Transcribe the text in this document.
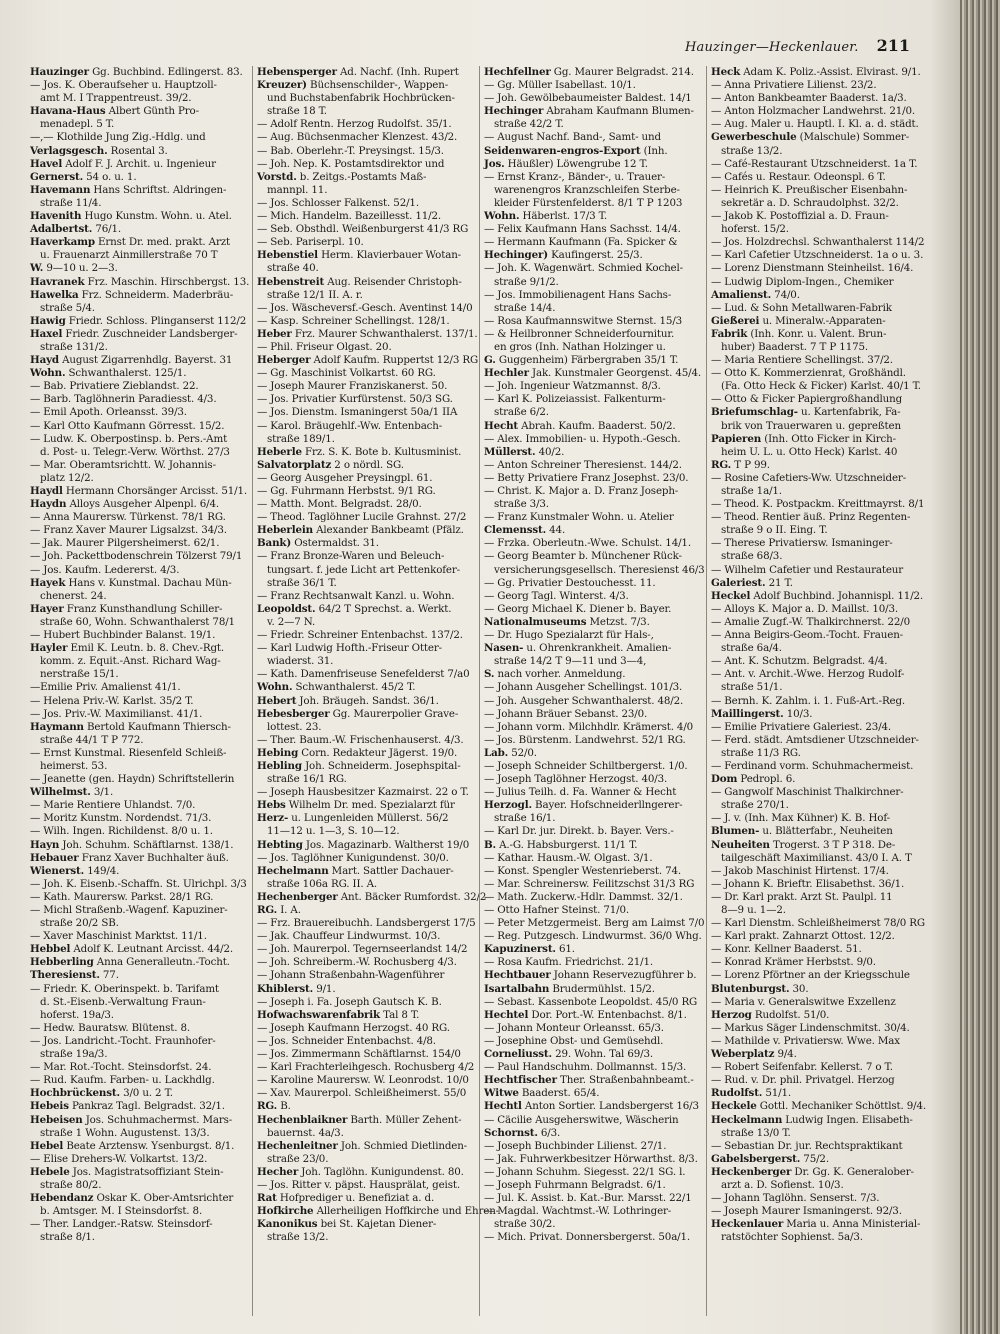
Hauzinger—Heckenlauer. 211
Hauzinger Gg. Buchbind. Edlingerst. 83.
— Jos. K. Oberaufseher u. Hauptzoll-
amt M. I Trappentreust. 39/2.
Havana-Haus Albert Günth Pro-
menadepl. 5 T.
—,— Klothilde Jung Zig.-Hdlg. und
Verlagsgesch. Rosental 3.
Havel Adolf F. J. Archit. u. Ingenieur
Gernerst. 54 o. u. 1.
Havemann Hans Schriftst. Aldringen-
straße 11/4.
Havenith Hugo Kunstm. Wohn. u. Atel.
Adalbertst. 76/1.
Haverkamp Ernst Dr. med. prakt. Arzt
u. Frauenarzt Ainmillerstraße 70 T
W. 9—10 u. 2—3.
Havranek Frz. Maschin. Hirschbergst. 13.
Hawelka Frz. Schneiderm. Maderbräu-
straße 5/4.
Hawig Friedr. Schloss. Plinganserst 112/2
Haxel Friedr. Zuschneider Landsberger-
straße 131/2.
Hayd August Zigarrenhdlg. Bayerst. 31
Wohn. Schwanthalerst. 125/1.
— Bab. Privatiere Zieblandst. 22.
— Barb. Taglöhnerin Paradiesst. 4/3.
— Emil Apoth. Orleansst. 39/3.
— Karl Otto Kaufmann Görresst. 15/2.
— Ludw. K. Oberpostinsp. b. Pers.-Amt
d. Post- u. Telegr.-Verw. Wörthst. 27/3
— Mar. Oberamtsrichtt. W. Johannis-
platz 12/2.
Haydl Hermann Chorsänger Arcisst. 51/1.
Haydn Alloys Ausgeher Alpenpl. 6/4.
— Anna Maurersw. Türkenst. 78/1 RG.
— Franz Xaver Maurer Ligsalzst. 34/3.
— Jak. Maurer Pilgersheimerst. 62/1.
— Joh. Packettbodenschrein Tölzerst 79/1
— Jos. Kaufm. Ledererst. 4/3.
Hayek Hans v. Kunstmal. Dachau Mün-
chenerst. 24.
Hayer Franz Kunsthandlung Schiller-
straße 60, Wohn. Schwanthalerst 78/1
— Hubert Buchbinder Balanst. 19/1.
Hayler Emil K. Leutn. b. 8. Chev.-Rgt.
komm. z. Equit.-Anst. Richard Wag-
nerstraße 15/1.
—Emilie Priv. Amalienst 41/1.
— Helena Priv.-W. Karlst. 35/2 T.
— Jos. Priv.-W. Maximilianst. 41/1.
Haymann Bertold Kaufmann Thiersch-
straße 44/1 T P 772.
— Ernst Kunstmal. Riesenfeld Schleiß-
heimerst. 53.
— Jeanette (gen. Haydn) Schriftstellerin
Wilhelmst. 3/1.
— Marie Rentiere Uhlandst. 7/0.
— Moritz Kunstm. Nordendst. 71/3.
— Wilh. Ingen. Richildenst. 8/0 u. 1.
Hayn Joh. Schuhm. Schäftlarnst. 138/1.
Hebauer Franz Xaver Buchhalter äuß.
Wienerst. 149/4.
— Joh. K. Eisenb.-Schaffn. St. Ulrichpl. 3/3
— Kath. Maurersw. Parkst. 28/1 RG.
— Michl Straßenb.-Wagenf. Kapuziner-
straße 20/2 SB.
— Xaver Maschinist Marktst. 11/1.
Hebbel Adolf K. Leutnant Arcisst. 44/2.
Hebberling Anna Generalleutn.-Tocht.
Theresienst. 77.
— Friedr. K. Oberinspekt. b. Tarifamt
d. St.-Eisenb.-Verwaltung Fraun-
hoferst. 19a/3.
— Hedw. Bauratsw. Blütenst. 8.
— Jos. Landricht.-Tocht. Fraunhofer-
straße 19a/3.
— Mar. Rot.-Tocht. Steinsdorfst. 24.
— Rud. Kaufm. Farben- u. Lackhdlg.
Hochbrückenst. 3/0 u. 2 T.
Hebeis Pankraz Tagl. Belgradst. 32/1.
Hebeisen Jos. Schuhmachermst. Mars-
straße 1 Wohn. Augustenst. 13/3.
Hebel Beate Arztensw. Ysenburgst. 8/1.
— Elise Drehers-W. Volkartst. 13/2.
Hebele Jos. Magistratsoffiziant Stein-
straße 80/2.
Hebendanz Oskar K. Ober-Amtsrichter
b. Amtsger. M. I Steinsdorfst. 8.
— Ther. Landger.-Ratsw. Steinsdorf-
straße 8/1.
Hebensperger Ad. Nachf. (Inh. Rupert
Kreuzer) Büchsenschilder-, Wappen-
und Buchstabenfabrik Hochbrücken-
straße 18 T.
— Adolf Rentn. Herzog Rudolfst. 35/1.
— Aug. Büchsenmacher Klenzest. 43/2.
— Bab. Oberlehr.-T. Preysingst. 15/3.
— Joh. Nep. K. Postamtsdirektor und
Vorstd. b. Zeitgs.-Postamts Maß-
mannpl. 11.
— Jos. Schlosser Falkenst. 52/1.
— Mich. Handelm. Bazeillesst. 11/2.
— Seb. Obsthdl. Weißenburgerst 41/3 RG
— Seb. Pariserpl. 10.
Hebenstiel Herm. Klavierbauer Wotan-
straße 40.
Hebenstreit Aug. Reisender Christoph-
straße 12/1 II. A. r.
— Jos. Wäscheversf.-Gesch. Aventinst 14/0
— Kasp. Schreiner Schellingst. 128/1.
Heber Frz. Maurer Schwanthalerst. 137/1.
— Phil. Friseur Olgast. 20.
Heberger Adolf Kaufm. Ruppertst 12/3 RG
— Gg. Maschinist Volkartst. 60 RG.
— Joseph Maurer Franziskanerst. 50.
— Jos. Privatier Kurfürstenst. 50/3 SG.
— Jos. Dienstm. Ismaningerst 50a/1 IIA
— Karol. Bräugehlf.-Ww. Entenbach-
straße 189/1.
Heberle Frz. S. K. Bote b. Kultusminist.
Salvatorplatz 2 o nördl. SG.
— Georg Ausgeher Preysingpl. 61.
— Gg. Fuhrmann Herbstst. 9/1 RG.
— Matth. Mont. Belgradst. 28/0.
— Theod. Taglöhner Lucile Grahnst. 27/2
Heberlein Alexander Bankbeamt (Pfälz.
Bank) Ostermaldst. 31.
— Franz Bronze-Waren und Beleuch-
tungsart. f. jede Licht art Pettenkofer-
straße 36/1 T.
— Franz Rechtsanwalt Kanzl. u. Wohn.
Leopoldst. 64/2 T Sprechst. a. Werkt.
v. 2—7 N.
— Friedr. Schreiner Entenbachst. 137/2.
— Karl Ludwig Hofth.-Friseur Otter-
wiaderst. 31.
— Kath. Damenfriseuse Senefelderst 7/a0
Wohn. Schwanthalerst. 45/2 T.
Hebert Joh. Bräugeh. Sandst. 36/1.
Hebesberger Gg. Maurerpolier Grave-
lottest. 23.
— Ther. Baum.-W. Frischenhauserst. 4/3.
Hebing Corn. Redakteur Jägerst. 19/0.
Hebling Joh. Schneiderm. Josephspital-
straße 16/1 RG.
— Joseph Hausbesitzer Kazmairst. 22 o T.
Hebs Wilhelm Dr. med. Spezialarzt für
Herz- u. Lungenleiden Müllerst. 56/2
11—12 u. 1—3, S. 10—12.
Hebting Jos. Magazinarb. Waltherst 19/0
— Jos. Taglöhner Kunigundenst. 30/0.
Hechelmann Mart. Sattler Dachauer-
straße 106a RG. II. A.
Hechenberger Ant. Bäcker Rumfordst. 32/2
RG. I. A.
— Frz. Brauereibuchh. Landsbergerst 17/5
— Jak. Chauffeur Lindwurmst. 10/3.
— Joh. Maurerpol. Tegernseerlandst 14/2
— Joh. Schreiberm.-W. Rochusberg 4/3.
— Johann Straßenbahn-Wagenführer
Khiblerst. 9/1.
— Joseph i. Fa. Joseph Gautsch K. B.
Hofwachswarenfabrik Tal 8 T.
— Joseph Kaufmann Herzogst. 40 RG.
— Jos. Schneider Entenbachst. 4/8.
— Jos. Zimmermann Schäftlarnst. 154/0
— Karl Frachterleihgesch. Rochusberg 4/2
— Karoline Maurersw. W. Leonrodst. 10/0
— Xav. Maurerpol. Schleißheimerst. 55/0
RG. B.
Hechenblaikner Barth. Müller Zehent-
bauernst. 4a/3.
Hechenleitner Joh. Schmied Dietlinden-
straße 23/0.
Hecher Joh. Taglöhn. Kunigundenst. 80.
— Jos. Ritter v. päpst. Hausprälat, geist.
Rat Hofprediger u. Benefiziat a. d.
Hofkirche Allerheiligen Hoffkirche und Ehren-
Kanonikus bei St. Kajetan Diener-
straße 13/2.
Hechfellner Gg. Maurer Belgradst. 214.
— Gg. Müller Isabellast. 10/1.
— Joh. Gewölbebaumeister Baldest. 14/1
Hechinger Abraham Kaufmann Blumen-
straße 42/2 T.
— August Nachf. Band-, Samt- und
Seidenwaren-engros-Export (Inh.
Jos. Häußler) Löwengrube 12 T.
— Ernst Kranz-, Bänder-, u. Trauer-
warenengros Kranzschleifen Sterbe-
kleider Fürstenfelderst. 8/1 T P 1203
Wohn. Häberlst. 17/3 T.
— Felix Kaufmann Hans Sachsst. 14/4.
— Hermann Kaufmann (Fa. Spicker &
Hechinger) Kaufingerst. 25/3.
— Joh. K. Wagenwärt. Schmied Kochel-
straße 9/1/2.
— Jos. Immobilienagent Hans Sachs-
straße 14/4.
— Rosa Kaufmannswitwe Sternst. 15/3
— & Heilbronner Schneiderfournitur.
en gros (Inh. Nathan Holzinger u.
G. Guggenheim) Färbergraben 35/1 T.
Hechler Jak. Kunstmaler Georgenst. 45/4.
— Joh. Ingenieur Watzmannst. 8/3.
— Karl K. Polizeiassist. Falkenturm-
straße 6/2.
Hecht Abrah. Kaufm. Baaderst. 50/2.
— Alex. Immobilien- u. Hypoth.-Gesch.
Müllerst. 40/2.
— Anton Schreiner Theresienst. 144/2.
— Betty Privatiere Franz Josephst. 23/0.
— Christ. K. Major a. D. Franz Joseph-
straße 3/3.
— Franz Kunstmaler Wohn. u. Atelier
Clemensst. 44.
— Frzka. Oberleutn.-Wwe. Schulst. 14/1.
— Georg Beamter b. Münchener Rück-
versicherungsgesellsch. Theresienst 46/3
— Gg. Privatier Destouchesst. 11.
— Georg Tagl. Winterst. 4/3.
— Georg Michael K. Diener b. Bayer.
Nationalmuseums Metzst. 7/3.
— Dr. Hugo Spezialarzt für Hals-,
Nasen- u. Ohrenkrankheit. Amalien-
straße 14/2 T 9—11 und 3—4,
S. nach vorher. Anmeldung.
— Johann Ausgeher Schellingst. 101/3.
— Joh. Ausgeher Schwanthalerst. 48/2.
— Johann Bräuer Sebanst. 23/0.
— Johann vorm. Milchhdlr. Krämerst. 4/0
— Jos. Bürstenm. Landwehrst. 52/1 RG.
Lab. 52/0.
— Joseph Schneider Schiltbergerst. 1/0.
— Joseph Taglöhner Herzogst. 40/3.
— Julius Teilh. d. Fa. Wanner & Hecht
Herzogl. Bayer. Hofschneiderllngerer-
straße 16/1.
— Karl Dr. jur. Direkt. b. Bayer. Vers.-
B. A.-G. Habsburgerst. 11/1 T.
— Kathar. Hausm.-W. Olgast. 3/1.
— Konst. Spengler Westenrieberst. 74.
— Mar. Schreinersw. Feilitzschst 31/3 RG
— Math. Zuckerw.-Hdlr. Dammst. 32/1.
— Otto Hafner Steinst. 71/0.
— Peter Metzgermeist. Berg am Laimst 7/0
— Reg. Putzgesch. Lindwurmst. 36/0 Whg.
Kapuzinerst. 61.
— Rosa Kaufm. Friedrichst. 21/1.
Hechtbauer Johann Reservezugführer b.
Isartalbahn Brudermühlst. 15/2.
— Sebast. Kassenbote Leopoldst. 45/0 RG
Hechtel Dor. Port.-W. Entenbachst. 8/1.
— Johann Monteur Orleansst. 65/3.
— Josephine Obst- und Gemüsehdl.
Corneliusst. 29. Wohn. Tal 69/3.
— Paul Handschuhm. Dollmannst. 15/3.
Hechtfischer Ther. Straßenbahnbeamt.-
Witwe Baaderst. 65/4.
Hechtl Anton Sortier. Landsbergerst 16/3
— Cäcilie Ausgeherswitwe, Wäscherin
Schornst. 6/3.
— Joseph Buchbinder Lilienst. 27/1.
— Jak. Fuhrwerkbesitzer Hörwarthst. 8/3.
— Johann Schuhm. Siegesst. 22/1 SG. l.
— Joseph Fuhrmann Belgradst. 6/1.
— Jul. K. Assist. b. Kat.-Bur. Marsst. 22/1
— Magdal. Wachtmst.-W. Lothringer-
straße 30/2.
— Mich. Privat. Donnersbergerst. 50a/1.
Heck Adam K. Poliz.-Assist. Elvirast. 9/1.
— Anna Privatiere Lilienst. 23/2.
— Anton Bankbeamter Baaderst. 1a/3.
— Anton Holzmacher Landwehrst. 21/0.
— Aug. Maler u. Hauptl. I. Kl. a. d. städt.
Gewerbeschule (Malschule) Sommer-
straße 13/2.
— Café-Restaurant Utzschneiderst. 1a T.
— Cafés u. Restaur. Odeonspl. 6 T.
— Heinrich K. Preußischer Eisenbahn-
sekretär a. D. Schraudolphst. 32/2.
— Jakob K. Postoffizial a. D. Fraun-
hoferst. 15/2.
— Jos. Holzdrechsl. Schwanthalerst 114/2
— Karl Cafetier Utzschneiderst. 1a o u. 3.
— Lorenz Dienstmann Steinheilst. 16/4.
— Ludwig Diplom-Ingen., Chemiker
Amalienst. 74/0.
— Lud. & Sohn Metallwaren-Fabrik
Gießerei u. Mineralw.-Apparaten-
Fabrik (Inh. Konr. u. Valent. Brun-
huber) Baaderst. 7 T P 1175.
— Maria Rentiere Schellingst. 37/2.
— Otto K. Kommerzienrat, Großhändl.
(Fa. Otto Heck & Ficker) Karlst. 40/1 T.
— Otto & Ficker Papiergroßhandlung
Briefumschlag- u. Kartenfabrik, Fa-
brik von Trauerwaren u. gepreßten
Papieren (Inh. Otto Ficker in Kirch-
heim U. L. u. Otto Heck) Karlst. 40
RG. T P 99.
— Rosine Cafetiers-Ww. Utzschneider-
straße 1a/1.
— Theod. K. Postpackm. Kreittmayrst. 8/1
— Theod. Rentier äuß. Prinz Regenten-
straße 9 o II. Eing. T.
— Therese Privatiersw. Ismaninger-
straße 68/3.
— Wilhelm Cafetier und Restaurateur
Galeriest. 21 T.
Heckel Adolf Buchbind. Johannispl. 11/2.
— Alloys K. Major a. D. Maillst. 10/3.
— Amalie Zugf.-W. Thalkirchnerst. 22/0
— Anna Beigirs-Geom.-Tocht. Frauen-
straße 6a/4.
— Ant. K. Schutzm. Belgradst. 4/4.
— Ant. v. Archit.-Wwe. Herzog Rudolf-
straße 51/1.
— Bernh. K. Zahlm. i. 1. Fuß-Art.-Reg.
Maillingerst. 10/3.
— Emilie Privatiere Galeriest. 23/4.
— Ferd. städt. Amtsdiener Utzschneider-
straße 11/3 RG.
— Ferdinand vorm. Schuhmachermeist.
Dom Pedropl. 6.
— Gangwolf Maschinist Thalkirchner-
straße 270/1.
— J. v. (Inh. Max Kühner) K. B. Hof-
Blumen- u. Blätterfabr., Neuheiten
Neuheiten Trogerst. 3 T P 318. De-
tailgeschäft Maximilianst. 43/0 I. A. T
— Jakob Maschinist Hirtenst. 17/4.
— Johann K. Brieftr. Elisabethst. 36/1.
— Dr. Karl prakt. Arzt St. Paulpl. 11
8—9 u. 1—2.
— Karl Dienstm. Schleißheimerst 78/0 RG
— Karl prakt. Zahnarzt Ottost. 12/2.
— Konr. Kellner Baaderst. 51.
— Konrad Krämer Herbstst. 9/0.
— Lorenz Pförtner an der Kriegsschule
Blutenburgst. 30.
— Maria v. Generalswitwe Exzellenz
Herzog Rudolfst. 51/0.
— Markus Säger Lindenschmitst. 30/4.
— Mathilde v. Privatiersw. Wwe. Max
Weberplatz 9/4.
— Robert Seifenfabr. Kellerst. 7 o T.
— Rud. v. Dr. phil. Privatgel. Herzog
Rudolfst. 51/1.
Heckele Gottl. Mechaniker Schöttlst. 9/4.
Heckelmann Ludwig Ingen. Elisabeth-
straße 13/0 T.
— Sebastian Dr. jur. Rechtspraktikant
Gabelsbergerst. 75/2.
Heckenberger Dr. Gg. K. Generalober-
arzt a. D. Sofienst. 10/3.
— Johann Taglöhn. Senserst. 7/3.
— Joseph Maurer Ismaningerst. 92/3.
Heckenlauer Maria u. Anna Ministerial-
ratstöchter Sophienst. 5a/3.
